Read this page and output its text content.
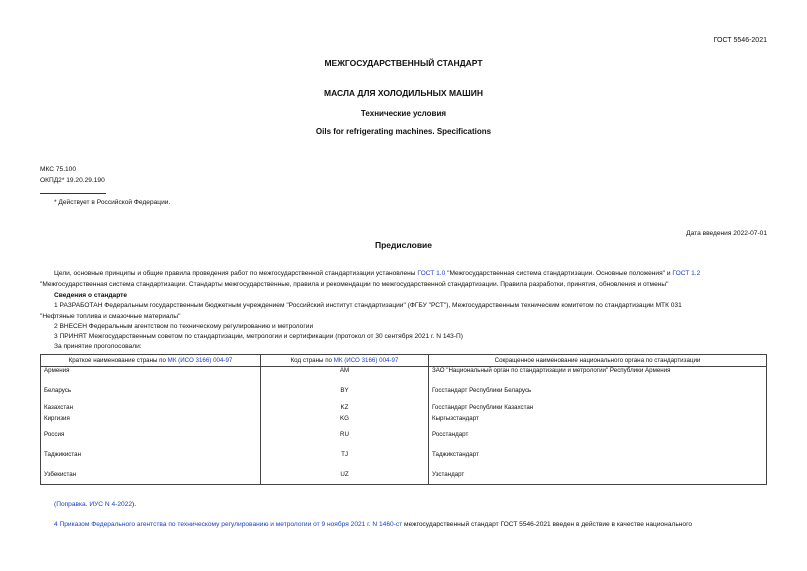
ГОСТ 5546-2021
МЕЖГОСУДАРСТВЕННЫЙ СТАНДАРТ
МАСЛА ДЛЯ ХОЛОДИЛЬНЫХ МАШИН
Технические условия
Oils for refrigerating machines. Specifications
МКС 75.100
ОКПД2* 19.20.29.190
* Действует в Российской Федерации.
Дата введения 2022-07-01
Предисловие
Цели, основные принципы и общие правила проведения работ по межгосударственной стандартизации установлены ГОСТ 1.0 "Межгосударственная система стандартизации. Основные положения" и ГОСТ 1.2
"Межгосударственная система стандартизации. Стандарты межгосударственные, правила и рекомендации по межгосударственной стандартизации. Правила разработки, принятия, обновления и отмены"
Сведения о стандарте
1 РАЗРАБОТАН Федеральным государственным бюджетным учреждением "Российский институт стандартизации" (ФГБУ "РСТ"), Межгосударственным техническим комитетом по стандартизации МТК 031
"Нефтяные топлива и смазочные материалы"
2 ВНЕСЕН Федеральным агентством по техническому регулированию и метрологии
3 ПРИНЯТ Межгосударственным советом по стандартизации, метрологии и сертификации (протокол от 30 сентября 2021 г. N 143-П)
За принятие проголосовали:
Краткое наименование страны по МК (ИСО 3166) 004-97	Код страны по МК (ИСО 3166) 004-97	Сокращенное наименование национального органа по стандартизации
Армения	AM	ЗАО "Национальный орган по стандартизации и метрологии" Республики Армения
Беларусь	BY	Госстандарт Республики Беларусь
Казахстан	KZ	Госстандарт Республики Казахстан
Киргизия	KG	Кыргызстандарт
Россия	RU	Росстандарт
Таджикистан	TJ	Таджикстандарт
Узбекистан	UZ	Узстандарт
(Поправка. ИУС N 4-2022).
4 Приказом Федерального агентства по техническому регулированию и метрологии от 9 ноября 2021 г. N 1460-ст межгосударственный стандарт ГОСТ 5546-2021 введен в действие в качестве национального
